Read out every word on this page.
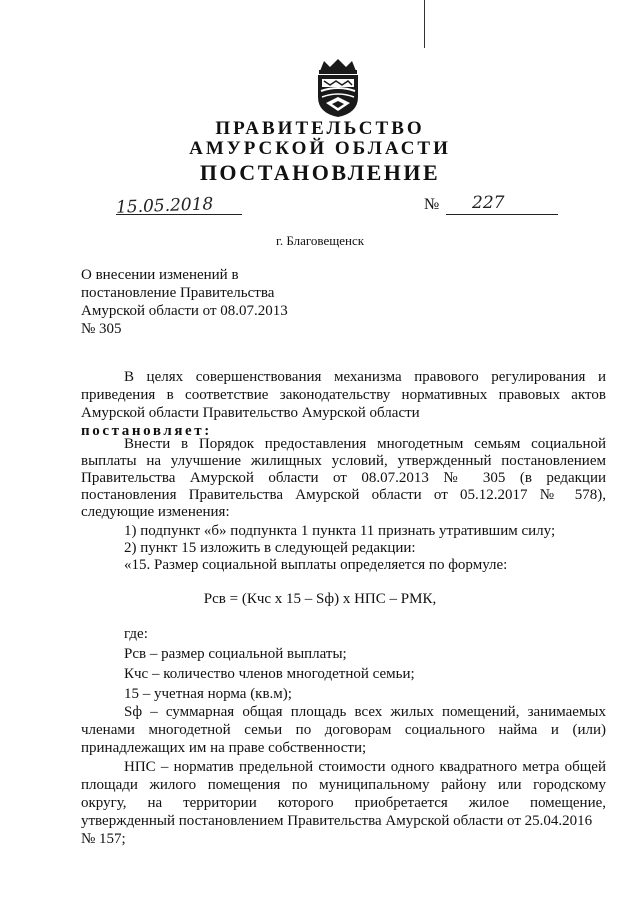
ПРАВИТЕЛЬСТВО
АМУРСКОЙ ОБЛАСТИ
ПОСТАНОВЛЕНИЕ
15.05.2018	№ 227
г. Благовещенск
О внесении изменений в
постановление Правительства
Амурской области от 08.07.2013
№ 305
В целях совершенствования механизма правового регулирования и
приведения в соответствие законодательству нормативных правовых актов
Амурской области Правительство Амурской области
постановляет:
Внести в Порядок предоставления многодетным семьям социальной
выплаты на улучшение жилищных условий, утвержденный постановлением
Правительства Амурской области от 08.07.2013 № 305 (в редакции
постановления Правительства Амурской области от 05.12.2017 № 578),
следующие изменения:
1) подпункт «б» подпункта 1 пункта 11 признать утратившим силу;
2) пункт 15 изложить в следующей редакции:
«15. Размер социальной выплаты определяется по формуле:
Рсв = (Кчс х 15 – Sф) х НПС – РМК,
где:
Рсв – размер социальной выплаты;
Кчс – количество членов многодетной семьи;
15 – учетная норма (кв.м);
Sф – суммарная общая площадь всех жилых помещений, занимаемых
членами многодетной семьи по договорам социального найма и (или)
принадлежащих им на праве собственности;
НПС – норматив предельной стоимости одного квадратного метра общей
площади жилого помещения по муниципальному району или городскому
округу, на территории которого приобретается жилое помещение,
утвержденный постановлением Правительства Амурской области от 25.04.2016
№ 157;
